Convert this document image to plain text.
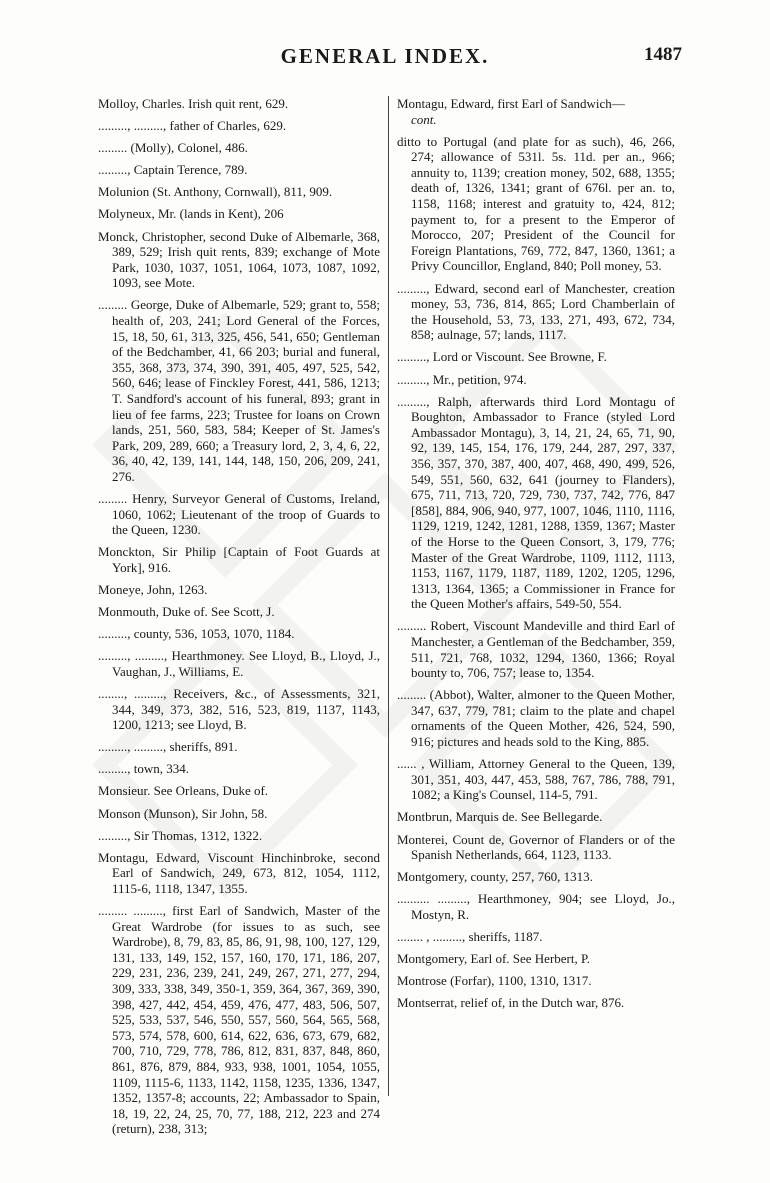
GENERAL INDEX.	1487

Molloy, Charles. Irish quit rent, 629.

........., ........., father of Charles, 629.

......... (Molly), Colonel, 486.

........., Captain Terence, 789.

Molunion (St. Anthony, Cornwall), 811, 909.

Molyneux, Mr. (lands in Kent), 206

Monck, Christopher, second Duke of Albemarle, 368, 389, 529; Irish quit rents, 839; exchange of Mote Park, 1030, 1037, 1051, 1064, 1073, 1087, 1092, 1093, see Mote.

......... George, Duke of Albemarle, 529; grant to, 558; health of, 203, 241; Lord General of the Forces, 15, 18, 50, 61, 313, 325, 456, 541, 650; Gentleman of the Bedchamber, 41, 66 203; burial and funeral, 355, 368, 373, 374, 390, 391, 405, 497, 525, 542, 560, 646; lease of Finckley Forest, 441, 586, 1213; T. Sandford's account of his funeral, 893; grant in lieu of fee farms, 223; Trustee for loans on Crown lands, 251, 560, 583, 584; Keeper of St. James's Park, 209, 289, 660; a Treasury lord, 2, 3, 4, 6, 22, 36, 40, 42, 139, 141, 144, 148, 150, 206, 209, 241, 276.

......... Henry, Surveyor General of Customs, Ireland, 1060, 1062; Lieutenant of the troop of Guards to the Queen, 1230.

Monckton, Sir Philip [Captain of Foot Guards at York], 916.

Moneye, John, 1263.

Monmouth, Duke of. See Scott, J.

........., county, 536, 1053, 1070, 1184.

........., ........., Hearthmoney. See Lloyd, B., Lloyd, J., Vaughan, J., Williams, E.

........, ........., Receivers, &c., of Assessments, 321, 344, 349, 373, 382, 516, 523, 819, 1137, 1143, 1200, 1213; see Lloyd, B.

........., ........., sheriffs, 891.

........., town, 334.

Monsieur. See Orleans, Duke of.

Monson (Munson), Sir John, 58.

........., Sir Thomas, 1312, 1322.

Montagu, Edward, Viscount Hinchinbroke, second Earl of Sandwich, 249, 673, 812, 1054, 1112, 1115-6, 1118, 1347, 1355.

......... ........., first Earl of Sandwich, Master of the Great Wardrobe (for issues to as such, see Wardrobe), 8, 79, 83, 85, 86, 91, 98, 100, 127, 129, 131, 133, 149, 152, 157, 160, 170, 171, 186, 207, 229, 231, 236, 239, 241, 249, 267, 271, 277, 294, 309, 333, 338, 349, 350-1, 359, 364, 367, 369, 390, 398, 427, 442, 454, 459, 476, 477, 483, 506, 507, 525, 533, 537, 546, 550, 557, 560, 564, 565, 568, 573, 574, 578, 600, 614, 622, 636, 673, 679, 682, 700, 710, 729, 778, 786, 812, 831, 837, 848, 860, 861, 876, 879, 884, 933, 938, 1001, 1054, 1055, 1109, 1115-6, 1133, 1142, 1158, 1235, 1336, 1347, 1352, 1357-8; accounts, 22; Ambassador to Spain, 18, 19, 22, 24, 25, 70, 77, 188, 212, 223 and 274 (return), 238, 313;

Montagu, Edward, first Earl of Sandwich—
cont.

ditto to Portugal (and plate for as such), 46, 266, 274; allowance of 531l. 5s. 11d. per an., 966; annuity to, 1139; creation money, 502, 688, 1355; death of, 1326, 1341; grant of 676l. per an. to, 1158, 1168; interest and gratuity to, 424, 812; payment to, for a present to the Emperor of Morocco, 207; President of the Council for Foreign Plantations, 769, 772, 847, 1360, 1361; a Privy Councillor, England, 840; Poll money, 53.

........., Edward, second earl of Manchester, creation money, 53, 736, 814, 865; Lord Chamberlain of the Household, 53, 73, 133, 271, 493, 672, 734, 858; aulnage, 57; lands, 1117.

........., Lord or Viscount. See Browne, F.

........., Mr., petition, 974.

........., Ralph, afterwards third Lord Montagu of Boughton, Ambassador to France (styled Lord Ambassador Montagu), 3, 14, 21, 24, 65, 71, 90, 92, 139, 145, 154, 176, 179, 244, 287, 297, 337, 356, 357, 370, 387, 400, 407, 468, 490, 499, 526, 549, 551, 560, 632, 641 (journey to Flanders), 675, 711, 713, 720, 729, 730, 737, 742, 776, 847 [858], 884, 906, 940, 977, 1007, 1046, 1110, 1116, 1129, 1219, 1242, 1281, 1288, 1359, 1367; Master of the Horse to the Queen Consort, 3, 179, 776; Master of the Great Wardrobe, 1109, 1112, 1113, 1153, 1167, 1179, 1187, 1189, 1202, 1205, 1296, 1313, 1364, 1365; a Commissioner in France for the Queen Mother's affairs, 549-50, 554.

......... Robert, Viscount Mandeville and third Earl of Manchester, a Gentleman of the Bedchamber, 359, 511, 721, 768, 1032, 1294, 1360, 1366; Royal bounty to, 706, 757; lease to, 1354.

......... (Abbot), Walter, almoner to the Queen Mother, 347, 637, 779, 781; claim to the plate and chapel ornaments of the Queen Mother, 426, 524, 590, 916; pictures and heads sold to the King, 885.

...... , William, Attorney General to the Queen, 139, 301, 351, 403, 447, 453, 588, 767, 786, 788, 791, 1082; a King's Counsel, 114-5, 791.

Montbrun, Marquis de. See Bellegarde.

Monterei, Count de, Governor of Flanders or of the Spanish Netherlands, 664, 1123, 1133.

Montgomery, county, 257, 760, 1313.

.......... ........., Hearthmoney, 904; see Lloyd, Jo., Mostyn, R.

........ , ........., sheriffs, 1187.

Montgomery, Earl of. See Herbert, P.

Montrose (Forfar), 1100, 1310, 1317.

Montserrat, relief of, in the Dutch war, 876.
